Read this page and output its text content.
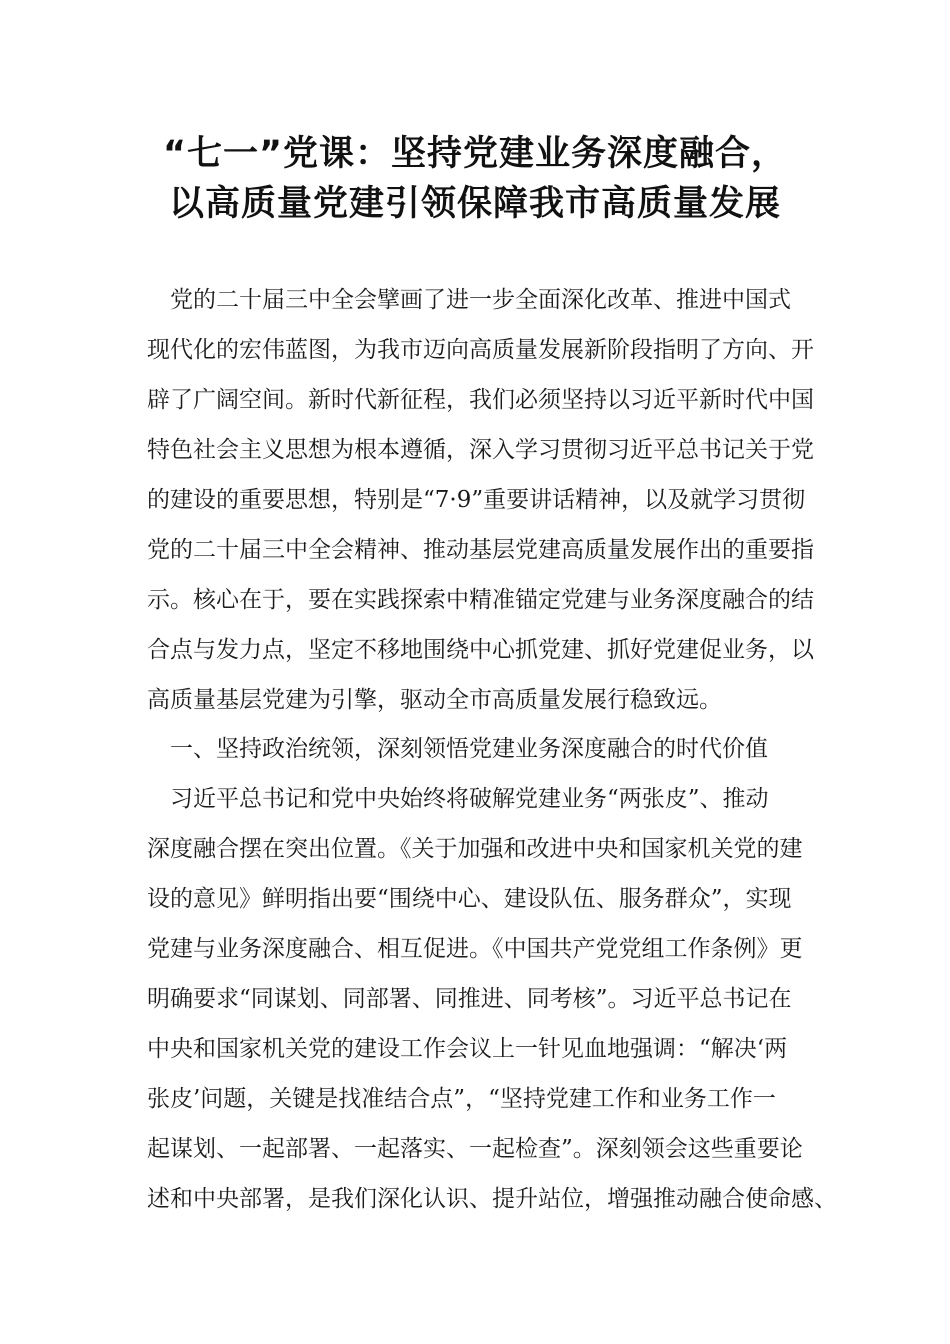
“七一”党课：坚持党建业务深度融合，
以高质量党建引领保障我市高质量发展

　党的二十届三中全会擘画了进一步全面深化改革、推进中国式

现代化的宏伟蓝图，为我市迈向高质量发展新阶段指明了方向、开

辟了广阔空间。新时代新征程，我们必须坚持以习近平新时代中国

特色社会主义思想为根本遵循，深入学习贯彻习近平总书记关于党

的建设的重要思想，特别是“7·9”重要讲话精神，以及就学习贯彻

党的二十届三中全会精神、推动基层党建高质量发展作出的重要指

示。核心在于，要在实践探索中精准锚定党建与业务深度融合的结

合点与发力点，坚定不移地围绕中心抓党建、抓好党建促业务，以

高质量基层党建为引擎，驱动全市高质量发展行稳致远。

　一、坚持政治统领，深刻领悟党建业务深度融合的时代价值

　习近平总书记和党中央始终将破解党建业务“两张皮”、推动

深度融合摆在突出位置。《关于加强和改进中央和国家机关党的建

设的意见》鲜明指出要“围绕中心、建设队伍、服务群众”，实现

党建与业务深度融合、相互促进。《中国共产党党组工作条例》更

明确要求“同谋划、同部署、同推进、同考核”。习近平总书记在

中央和国家机关党的建设工作会议上一针见血地强调：“解决‘两

张皮’问题，关键是找准结合点”，“坚持党建工作和业务工作一

起谋划、一起部署、一起落实、一起检查”。深刻领会这些重要论

述和中央部署，是我们深化认识、提升站位，增强推动融合使命感、
